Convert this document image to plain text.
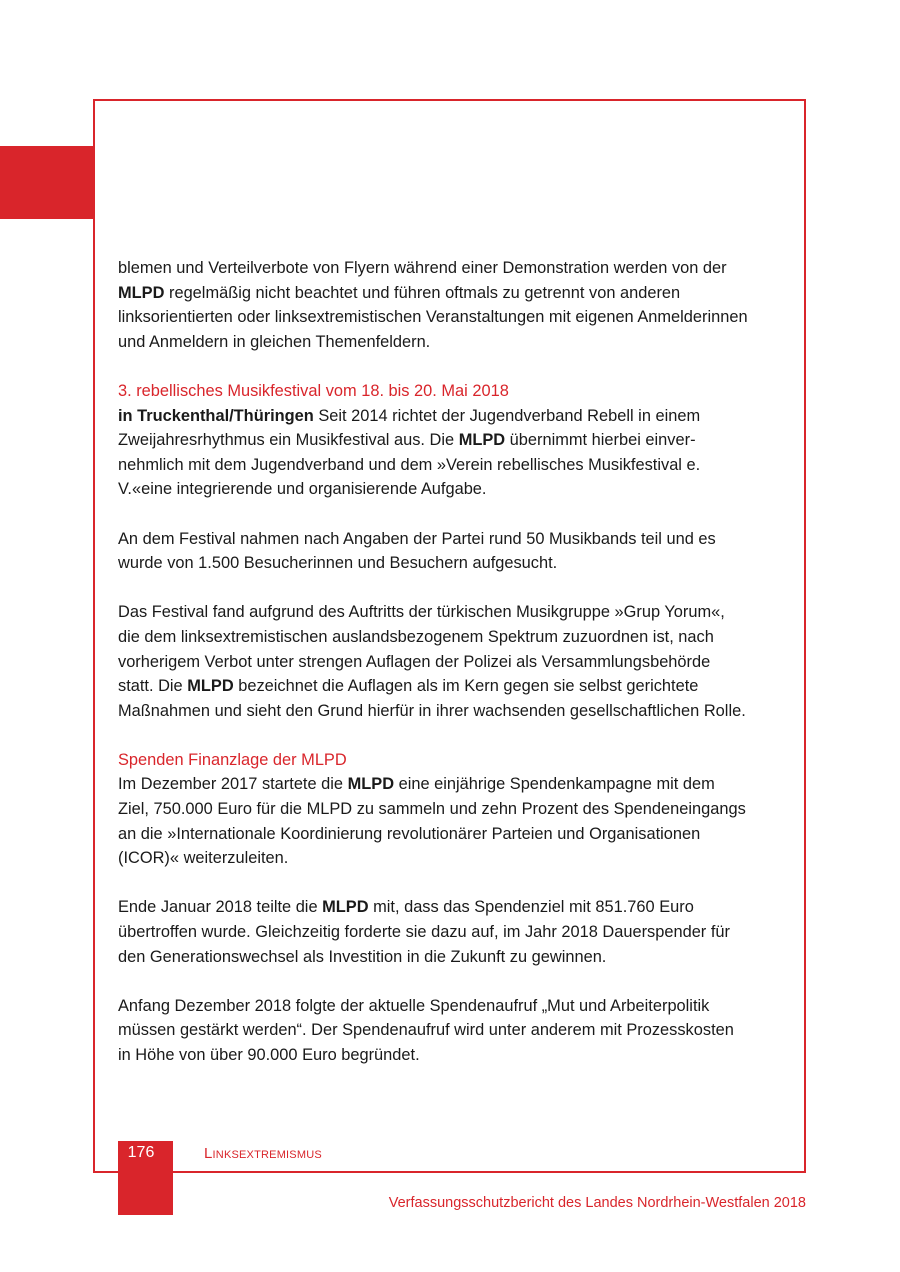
blemen und Verteilverbote von Flyern während einer Demonstration werden von der MLPD regelmäßig nicht beachtet und führen oftmals zu getrennt von anderen linksorientierten oder linksextremistischen Veranstaltungen mit eigenen Anmelderinnen und Anmeldern in gleichen Themenfeldern.

3. rebellisches Musikfestival vom 18. bis 20. Mai 2018

in Truckenthal/Thüringen Seit 2014 richtet der Jugendverband Rebell in einem Zweijahresrhythmus ein Musikfestival aus. Die MLPD übernimmt hierbei einvernehmlich mit dem Jugendverband und dem »Verein rebellisches Musikfestival e. V.«eine integrierende und organisierende Aufgabe.

An dem Festival nahmen nach Angaben der Partei rund 50 Musikbands teil und es wurde von 1.500 Besucherinnen und Besuchern aufgesucht.

Das Festival fand aufgrund des Auftritts der türkischen Musikgruppe »Grup Yorum«, die dem linksextremistischen auslandsbezogenem Spektrum zuzuordnen ist, nach vorherigem Verbot unter strengen Auflagen der Polizei als Versammlungsbehörde statt. Die MLPD bezeichnet die Auflagen als im Kern gegen sie selbst gerichtete Maßnahmen und sieht den Grund hierfür in ihrer wachsenden gesellschaftlichen Rolle.

Spenden Finanzlage der MLPD

Im Dezember 2017 startete die MLPD eine einjährige Spendenkampagne mit dem Ziel, 750.000 Euro für die MLPD zu sammeln und zehn Prozent des Spendeneingangs an die »Internationale Koordinierung revolutionärer Parteien und Organisationen (ICOR)« weiterzuleiten.

Ende Januar 2018 teilte die MLPD mit, dass das Spendenziel mit 851.760 Euro übertroffen wurde. Gleichzeitig forderte sie dazu auf, im Jahr 2018 Dauerspender für den Generationswechsel als Investition in die Zukunft zu gewinnen.

Anfang Dezember 2018 folgte der aktuelle Spendenaufruf „Mut und Arbeiterpolitik müssen gestärkt werden“. Der Spendenaufruf wird unter anderem mit Prozesskosten in Höhe von über 90.000 Euro begründet.

176	Linksextremismus
Verfassungsschutzbericht des Landes Nordrhein-Westfalen 2018
